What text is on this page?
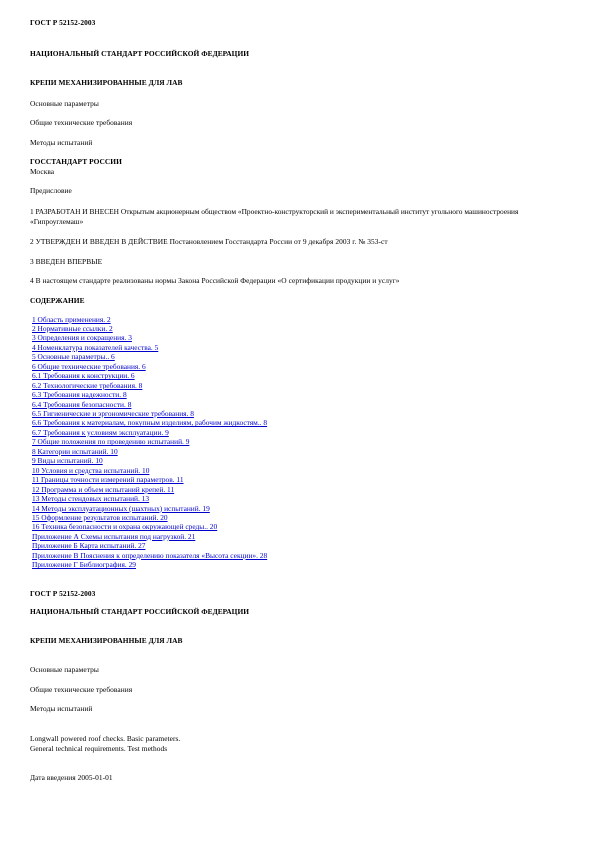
ГОСТ Р 52152-2003
НАЦИОНАЛЬНЫЙ СТАНДАРТ РОССИЙСКОЙ ФЕДЕРАЦИИ
КРЕПИ МЕХАНИЗИРОВАННЫЕ ДЛЯ ЛАВ
Основные параметры
Общие технические требования
Методы испытаний
ГОССТАНДАРТ РОССИИ
Москва
Предисловие
1 РАЗРАБОТАН И ВНЕСЕН Открытым акционерным обществом «Проектно-конструкторский и экспериментальный институт угольного машиностроения «Гипроуглемаш»
2 УТВЕРЖДЕН И ВВЕДЕН В ДЕЙСТВИЕ Постановлением Госстандарта России от 9 декабря 2003 г. № 353-ст
3 ВВЕДЕН ВПЕРВЫЕ
4 В настоящем стандарте реализованы нормы Закона Российской Федерации «О сертификации продукции и услуг»
СОДЕРЖАНИЕ
1 Область применения. 2
2 Нормативные ссылки. 2
3 Определения и сокращения. 3
4 Номенклатура показателей качества. 5
5 Основные параметры.. 6
6 Общие технические требования. 6
6.1 Требования к конструкции. 6
6.2 Технологические требования. 8
6.3 Требования надежности. 8
6.4 Требования безопасности. 8
6.5 Гигиенические и эргономические требования. 8
6.6 Требования к материалам, покупным изделиям, рабочим жидкостям.. 8
6.7 Требования к условиям эксплуатации. 9
7 Общие положения по проведению испытаний. 9
8 Категории испытаний. 10
9 Виды испытаний. 10
10 Условия и средства испытаний. 10
11 Границы точности измерений параметров. 11
12 Программа и объем испытаний крепей. 11
13 Методы стендовых испытаний. 13
14 Методы эксплуатационных (шахтных) испытаний. 19
15 Оформление результатов испытаний. 20
16 Техника безопасности и охрана окружающей среды.. 20
Приложение А Схемы испытания под нагрузкой. 21
Приложение Б Карта испытаний. 27
Приложение В Пояснения к определению показателя «Высота секции». 28
Приложение Г Библиография. 29
ГОСТ Р 52152-2003
НАЦИОНАЛЬНЫЙ СТАНДАРТ РОССИЙСКОЙ ФЕДЕРАЦИИ
КРЕПИ МЕХАНИЗИРОВАННЫЕ ДЛЯ ЛАВ
Основные параметры
Общие технические требования
Методы испытаний
Longwall powered roof checks. Basic parameters.
General technical requirements. Test methods
Дата введения 2005-01-01
